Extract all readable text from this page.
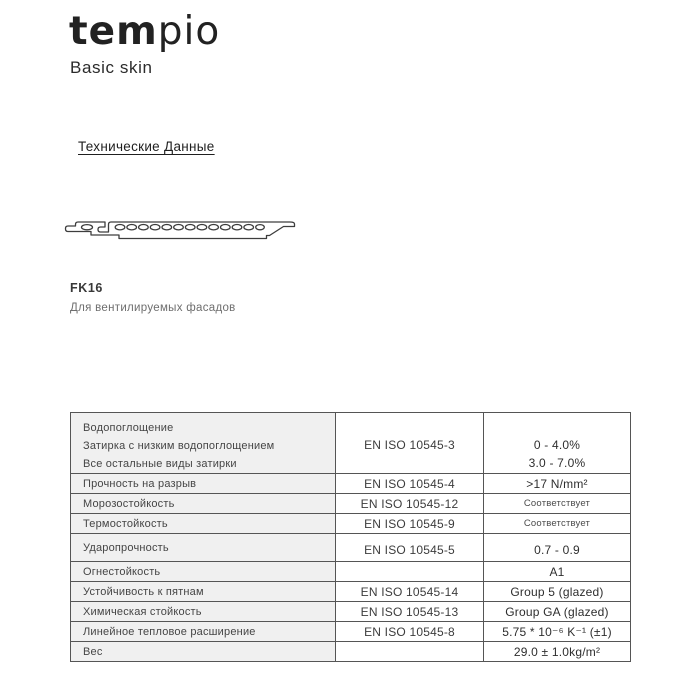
tempio
Basic skin
Технические Данные
FK16
Для вентилируемых фасадов
Водопоглощение
Затирка с низким водопоглощением
Все остальные виды затирки
	EN ISO 10545-3	0 - 4.0%
3.0 - 7.0%

Прочность на разрыв	EN ISO 10545-4	>17 N/mm²
Морозостойкость	EN ISO 10545-12	Соответствует
Термостойкость	EN ISO 10545-9	Соответствует
Ударопрочность	EN ISO 10545-5	0.7 - 0.9
Огнестойкость		A1
Устойчивость к пятнам	EN ISO 10545-14	Group 5 (glazed)
Химическая стойкость	EN ISO 10545-13	Group GA (glazed)
Линейное тепловое расширение	EN ISO 10545-8	5.75 * 10⁻⁶ K⁻¹ (±1)
Вес		29.0 ± 1.0kg/m²
